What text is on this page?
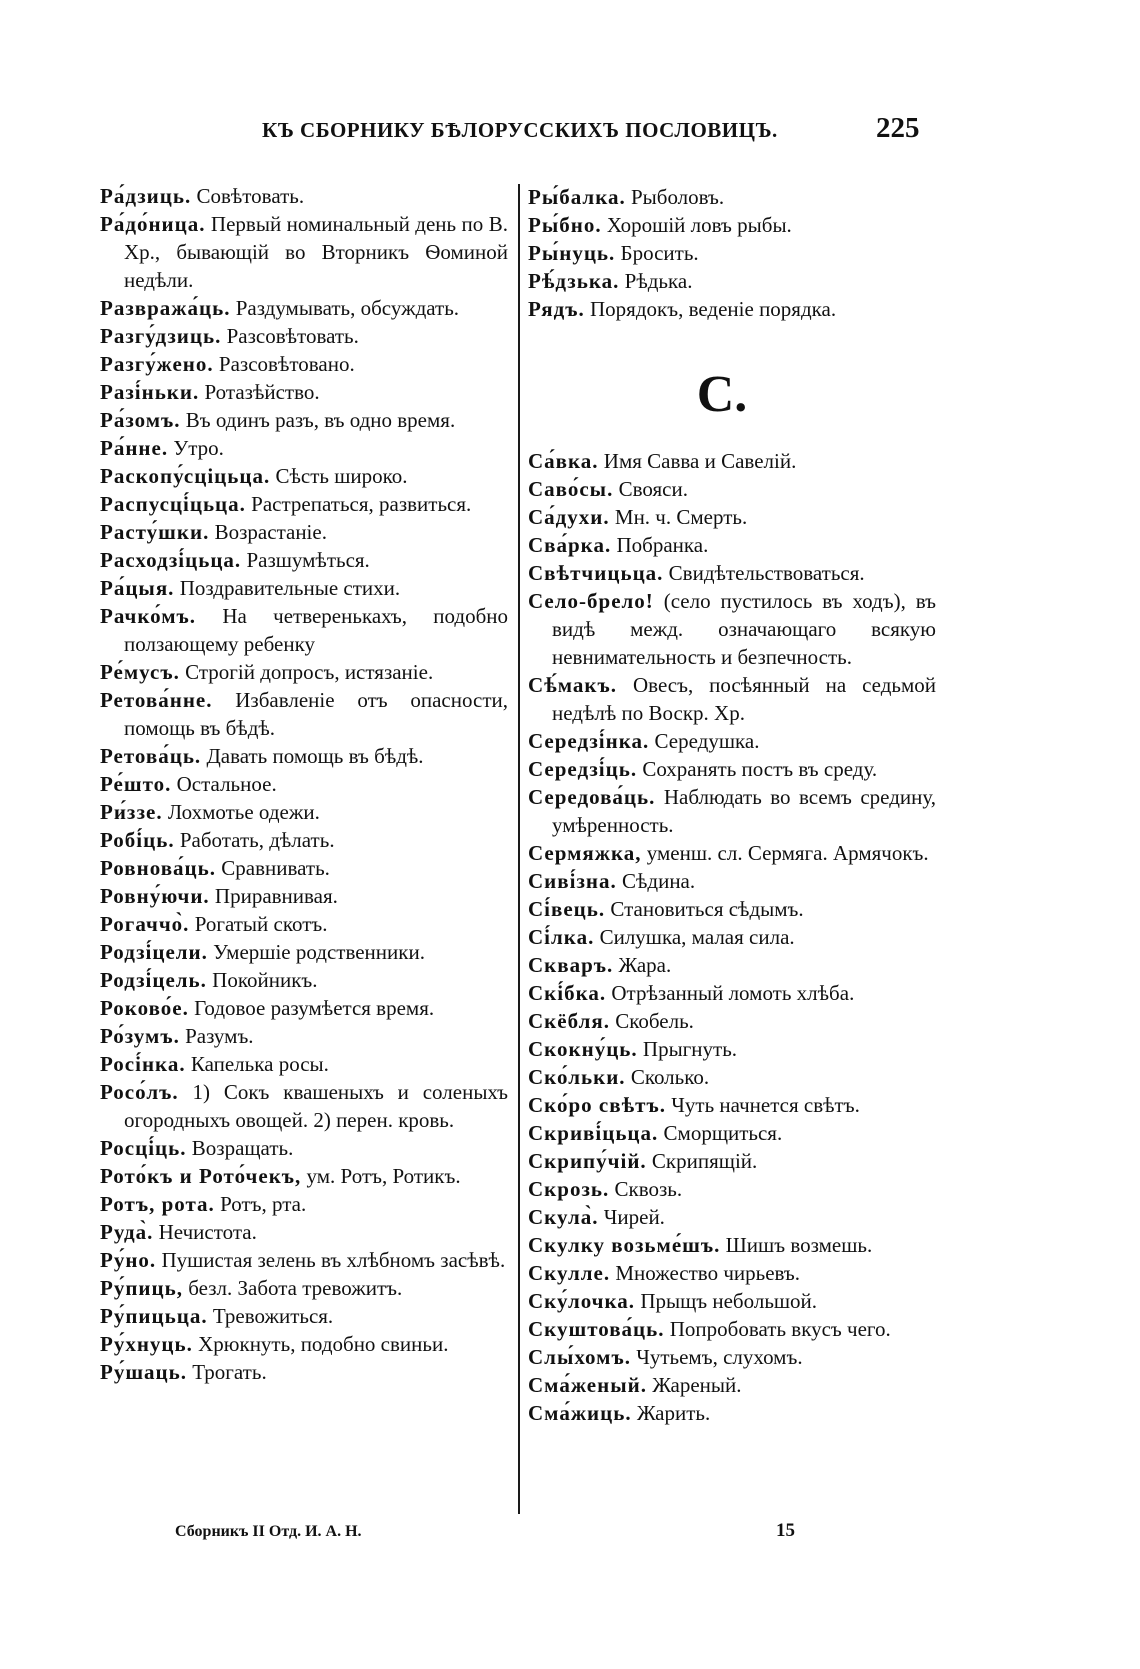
КЪ СБОРНИКУ БѢЛОРУССКИХЪ ПОСЛОВИЦЪ.	225

Ра́дзиць. Совѣтовать.

Ра́до́ница. Первый номинальный день по В. Хр., бывающій во Вторникъ Ѳоминой недѣли.

Развража́ць. Раздумывать, обсуждать.

Разгу́дзиць. Разсовѣтовать.

Разгу́жено. Разсовѣтовано.

Разі́ньки. Ротазѣйство.

Ра́зомъ. Въ одинъ разъ, въ одно время.

Ра́нне. Утро.

Раскопу́сціцьца. Сѣсть широко.

Распусці́цьца. Растрепаться, развиться.

Расту́шки. Возрастаніе.

Расходзі́цьца. Разшумѣться.

Ра́цыя. Поздравительные стихи.

Рачко́мъ. На четверенькахъ, подобно ползающему ребенку

Ре́мусъ. Строгій допросъ, истязаніе.

Ретова́нне. Избавленіе отъ опасности, помощь въ бѣдѣ.

Ретова́ць. Давать помощь въ бѣдѣ.

Ре́што. Остальное.

Ри́ззе. Лохмотье одежи.

Робі́ць. Работать, дѣлать.

Ровнова́ць. Сравнивать.

Ровну́ючи. Приравнивая.

Рогаччо̀. Рогатый скотъ.

Родзі́цели. Умершіе родственники.

Родзі́цель. Покойникъ.

Роково́е. Годовое разумѣется время.

Ро́зумъ. Разумъ.

Росі́нка. Капелька росы.

Росо́лъ. 1) Сокъ квашеныхъ и соленыхъ огородныхъ овощей. 2) перен. кровь.

Росці́ць. Возращать.

Рото́къ и Рото́чекъ, ум. Ротъ, Ротикъ.

Ротъ, рота. Ротъ, рта.

Руда̀. Нечистота.

Ру́но. Пушистая зелень въ хлѣбномъ засѣвѣ.

Ру́пиць, безл. Забота тревожитъ.

Ру́пицьца. Тревожиться.

Ру́хнуць. Хрюкнуть, подобно свиньи.

Ру́шаць. Трогать.

Ры́балка. Рыболовъ.

Ры́бно. Хорошій ловъ рыбы.

Ры́нуць. Бросить.

Рѣ́дзька. Рѣдька.

Рядъ. Порядокъ, веденіе порядка.

С.

Са́вка. Имя Савва и Савелій.

Саво́сы. Свояси.

Са́духи. Мн. ч. Смерть.

Сва́рка. Побранка.

Свѣтчицьца. Свидѣтельствоваться.

Село-брело! (село пустилось въ ходъ), въ видѣ межд. означающаго всякую невнимательность и безпечность.

Сѣ́макъ. Овесъ, посѣянный на седьмой недѣлѣ по Воскр. Хр.

Середзі́нка. Середушка.

Середзі́ць. Сохранять постъ въ среду.

Середова́ць. Наблюдать во всемъ средину, умѣренность.

Сермяжка, уменш. сл. Сермяга. Армячокъ.

Сиві́зна. Сѣдина.

Сі́вець. Становиться сѣдымъ.

Сі́лка. Силушка, малая сила.

Скваръ. Жара.

Скі́бка. Отрѣзанный ломоть хлѣба.

Скёбля. Скобель.

Скокну́ць. Прыгнуть.

Ско́льки. Сколько.

Ско́ро свѣтъ. Чуть начнется свѣтъ.

Скриві́цьца. Сморщиться.

Скрипу́чій. Скрипящій.

Скрозь. Сквозь.

Скула̀. Чирей.

Скулку возьме́шъ. Шишъ возмешь.

Скулле. Множество чирьевъ.

Ску́лочка. Прыщъ небольшой.

Скуштова́ць. Попробовать вкусъ чего.

Слы́хомъ. Чутьемъ, слухомъ.

Сма́женый. Жареный.

Сма́жиць. Жарить.

Сборникъ II Отд. И. А. Н.	15
